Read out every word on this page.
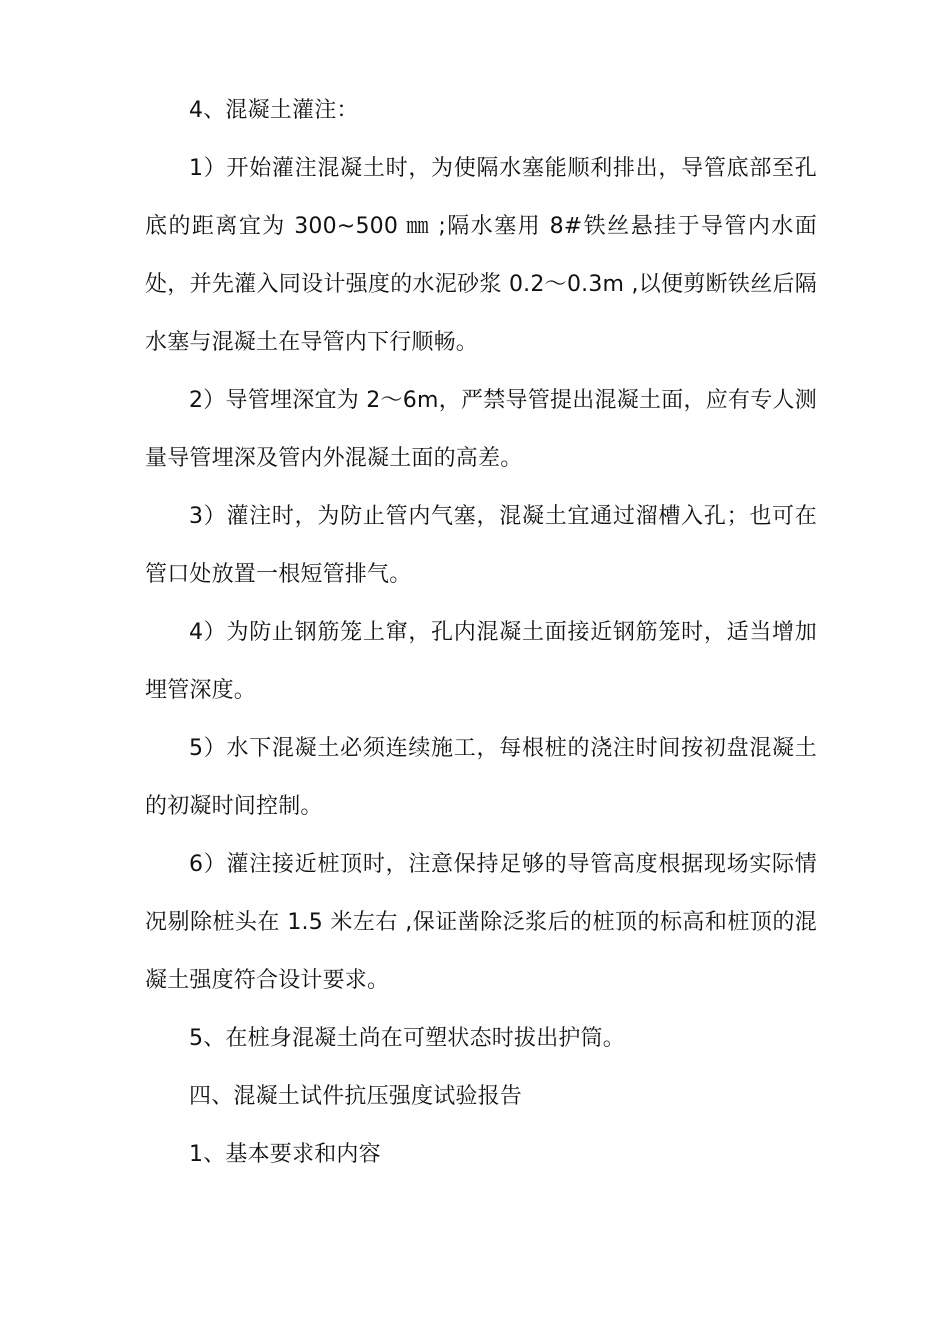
4、混凝土灌注：

1）开始灌注混凝土时，为使隔水塞能顺利排出，导管底部至孔底的距离宜为 300~500 ㎜ ;隔水塞用 8#铁丝悬挂于导管内水面处，并先灌入同设计强度的水泥砂浆 0.2～0.3m ,以便剪断铁丝后隔水塞与混凝土在导管内下行顺畅。

2）导管埋深宜为 2～6m，严禁导管提出混凝土面，应有专人测量导管埋深及管内外混凝土面的高差。

3）灌注时，为防止管内气塞，混凝土宜通过溜槽入孔；也可在管口处放置一根短管排气。

4）为防止钢筋笼上窜，孔内混凝土面接近钢筋笼时，适当增加埋管深度。

5）水下混凝土必须连续施工，每根桩的浇注时间按初盘混凝土的初凝时间控制。

6）灌注接近桩顶时，注意保持足够的导管高度根据现场实际情况剔除桩头在 1.5 米左右 ,保证凿除泛浆后的桩顶的标高和桩顶的混凝土强度符合设计要求。

5、在桩身混凝土尚在可塑状态时拔出护筒。

四、混凝土试件抗压强度试验报告

1、基本要求和内容
